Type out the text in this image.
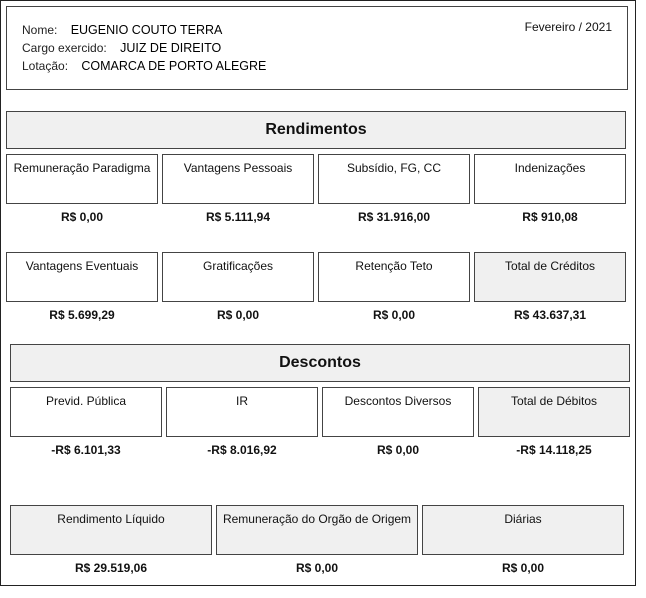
Nome: EUGENIO COUTO TERRA
Cargo exercido: JUIZ DE DIREITO
Lotação: COMARCA DE PORTO ALEGRE
Fevereiro / 2021
Rendimentos
Remuneração Paradigma	Vantagens Pessoais	Subsídio, FG, CC	Indenizações
R$ 0,00	R$ 5.111,94	R$ 31.916,00	R$ 910,08
Vantagens Eventuais	Gratificações	Retenção Teto	Total de Créditos
R$ 5.699,29	R$ 0,00	R$ 0,00	R$ 43.637,31
Descontos
Previd. Pública	IR	Descontos Diversos	Total de Débitos
-R$ 6.101,33	-R$ 8.016,92	R$ 0,00	-R$ 14.118,25
Rendimento Líquido	Remuneração do Orgão de Origem	Diárias
R$ 29.519,06	R$ 0,00	R$ 0,00
